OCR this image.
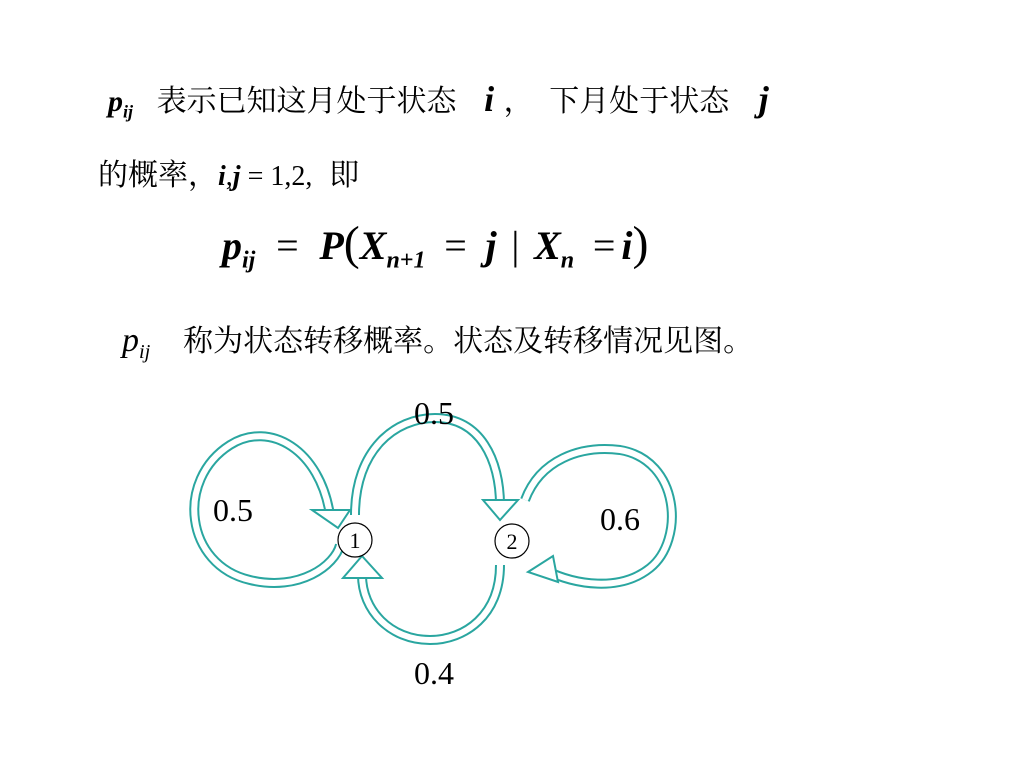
$p_{ij}$ 表示已知这月处于状态 i ， 下月处于状态 j
的概率，i,j = 1,2, 即
$p_{ij} = P(X_{n+1} = j$ | $X_n = i$)
$p_{ij}$ 称为状态转移概率。状态及转移情况见图。
1	2
0.5
0.5	0.6
0.4
